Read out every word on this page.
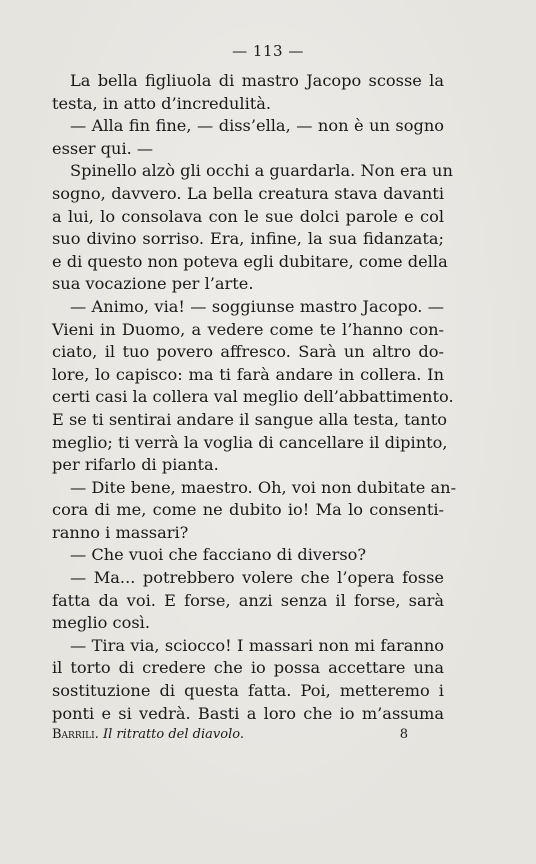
— 113 —
La bella figliuola di mastro Jacopo scosse la
testa, in atto d’incredulità.
— Alla fin fine, — diss’ella, — non è un sogno
esser qui. —
Spinello alzò gli occhi a guardarla. Non era un
sogno, davvero. La bella creatura stava davanti
a lui, lo consolava con le sue dolci parole e col
suo divino sorriso. Era, infine, la sua fidanzata;
e di questo non poteva egli dubitare, come della
sua vocazione per l’arte.
— Animo, via! — soggiunse mastro Jacopo. —
Vieni in Duomo, a vedere come te l’hanno con-
ciato, il tuo povero affresco. Sarà un altro do-
lore, lo capisco: ma ti farà andare in collera. In
certi casi la collera val meglio dell’abbattimento.
E se ti sentirai andare il sangue alla testa, tanto
meglio; ti verrà la voglia di cancellare il dipinto,
per rifarlo di pianta.
— Dite bene, maestro. Oh, voi non dubitate an-
cora di me, come ne dubito io! Ma lo consenti-
ranno i massari?
— Che vuoi che facciano di diverso?
— Ma... potrebbero volere che l’opera fosse
fatta da voi. E forse, anzi senza il forse, sarà
meglio così.
— Tira via, sciocco! I massari non mi faranno
il torto di credere che io possa accettare una
sostituzione di questa fatta. Poi, metteremo i
ponti e si vedrà. Basti a loro che io m’assuma
Barrili. Il ritratto del diavolo.	8
